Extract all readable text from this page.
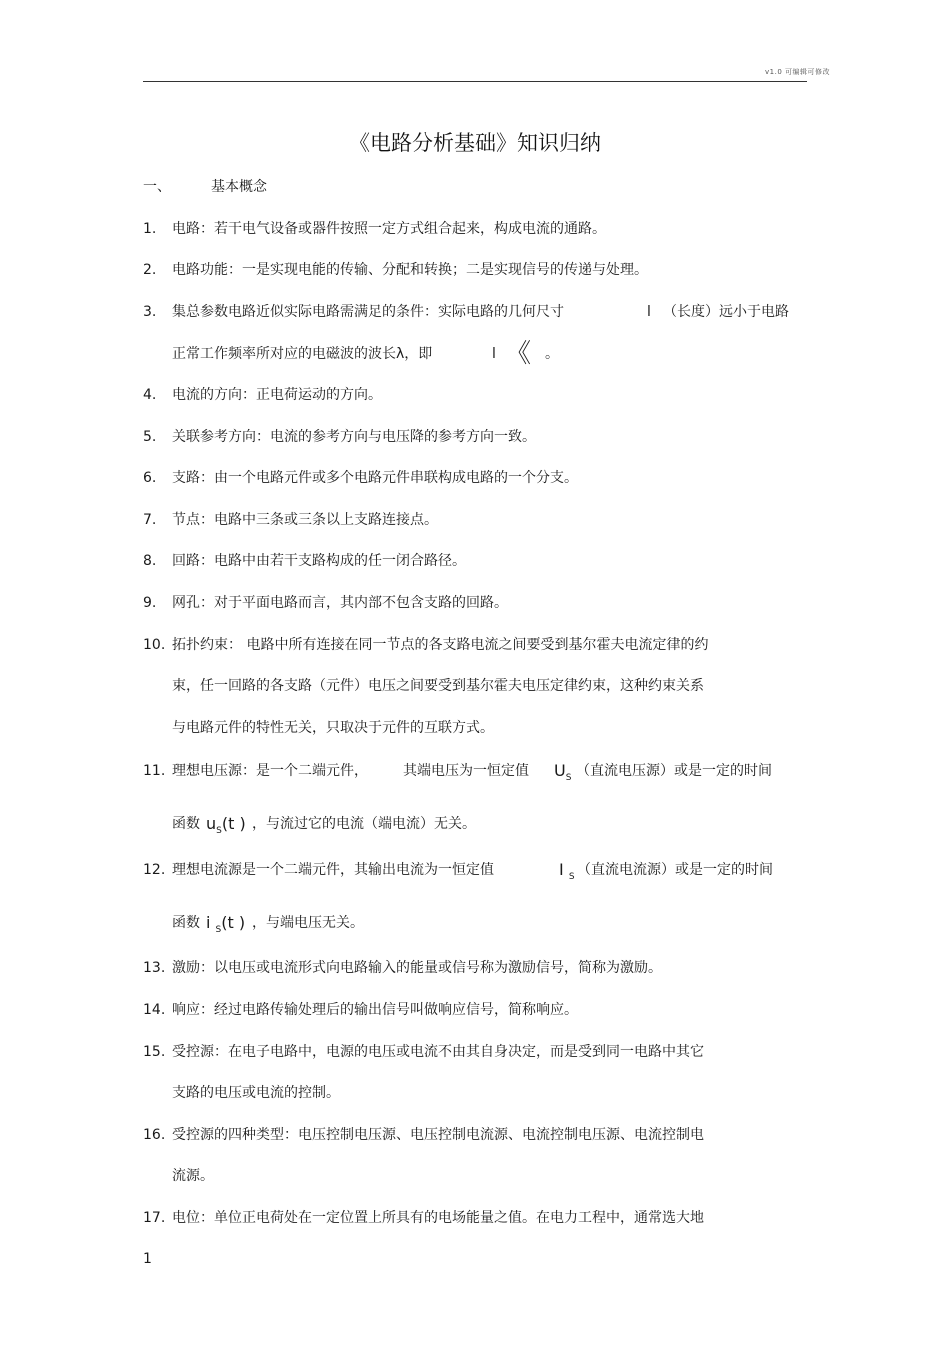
v1.0 可编辑可修改
《电路分析基础》知识归纳
一、	基本概念
1. 电路：若干电气设备或器件按照一定方式组合起来，构成电流的通路。
2. 电路功能：一是实现电能的传输、分配和转换；二是实现信号的传递与处理。
3. 集总参数电路近似实际电路需满足的条件：实际电路的几何尺寸	l （长度）远小于电路
正常工作频率所对应的电磁波的波长λ，即	l 《 。
4. 电流的方向：正电荷运动的方向。
5. 关联参考方向：电流的参考方向与电压降的参考方向一致。
6. 支路：由一个电路元件或多个电路元件串联构成电路的一个分支。
7. 节点：电路中三条或三条以上支路连接点。
8. 回路：电路中由若干支路构成的任一闭合路径。
9. 网孔：对于平面电路而言，其内部不包含支路的回路。
10. 拓扑约束： 电路中所有连接在同一节点的各支路电流之间要受到基尔霍夫电流定律的约
束，任一回路的各支路（元件）电压之间要受到基尔霍夫电压定律约束，这种约束关系
与电路元件的特性无关，只取决于元件的互联方式。
11. 理想电压源：是一个二端元件，	其端电压为一恒定值 $U_S$ （直流电压源）或是一定的时间
函数 $u_S(t$ ) ，与流过它的电流（端电流）无关。
12. 理想电流源是一个二端元件，其输出电流为一恒定值	I $_S$ （直流电流源）或是一定的时间
函数 i $_S$(t ) ，与端电压无关。
13. 激励：以电压或电流形式向电路输入的能量或信号称为激励信号，简称为激励。
14. 响应：经过电路传输处理后的输出信号叫做响应信号，简称响应。
15. 受控源：在电子电路中，电源的电压或电流不由其自身决定，而是受到同一电路中其它
支路的电压或电流的控制。
16. 受控源的四种类型：电压控制电压源、电压控制电流源、电流控制电压源、电流控制电
流源。
17. 电位：单位正电荷处在一定位置上所具有的电场能量之值。在电力工程中，通常选大地
1
